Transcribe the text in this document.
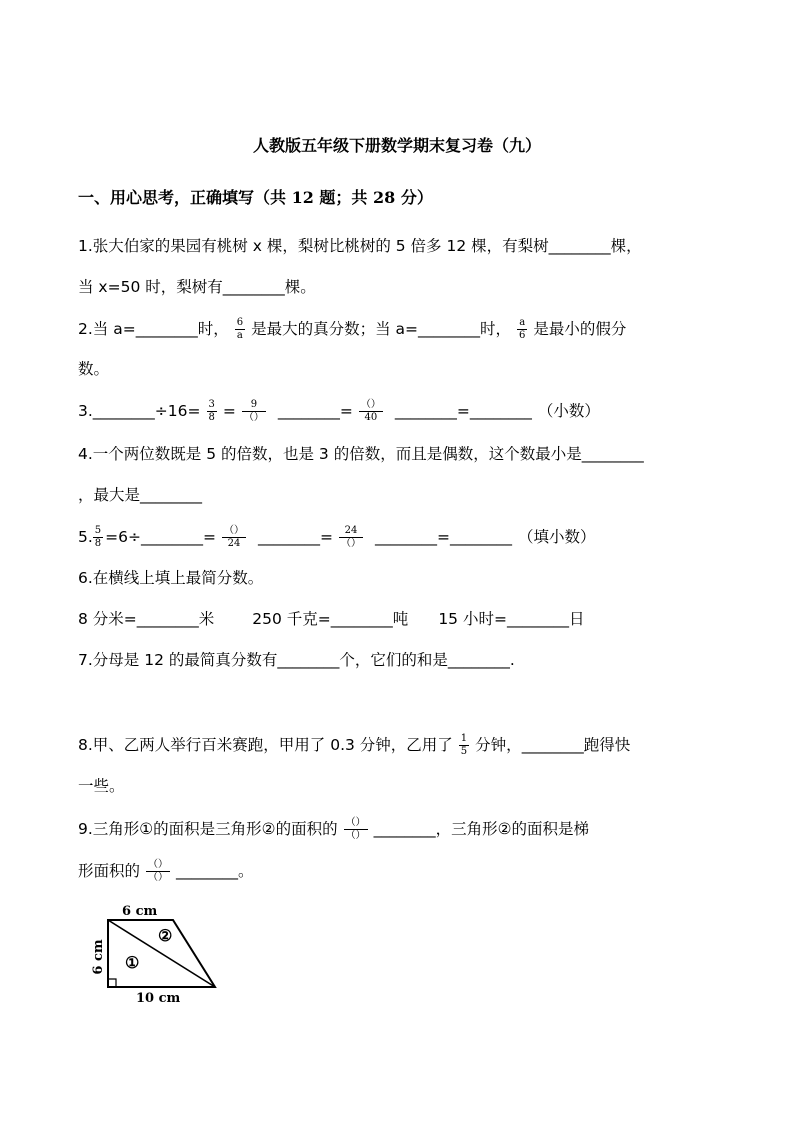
人教版五年级下册数学期末复习卷（九）
一、用心思考，正确填写（共 12 题；共 28 分）
1.张大伯家的果园有桃树 x 棵，梨树比桃树的 5 倍多 12 棵，有梨树________棵，
当 x=50 时，梨树有________棵。
2.当 a=________时， $\frac{6}{a}$ 是最大的真分数；当 a=________时， $\frac{a}{6}$ 是最小的假分
数。
3.________÷16= $\frac{3}{8} = \frac{9}{()}$ ________= $\frac{()}{40}$ ________=________ （小数）
4.一个两位数既是 5 的倍数，也是 3 的倍数，而且是偶数，这个数最小是________
，最大是________
5. $\frac{5}{8}$ =6÷________= $\frac{()}{24}$ ________= $\frac{24}{()}$ ________=________ （填小数）
6.在横线上填上最简分数。
8 分米=________米 250 千克=________吨 15 小时=________日
7.分母是 12 的最简真分数有________个，它们的和是________.
8.甲、乙两人举行百米赛跑，甲用了 0.3 分钟，乙用了 $\frac{1}{5}$ 分钟，________跑得快
一些。
9.三角形①的面积是三角形②的面积的 $\frac{()}{()}$ ________，三角形②的面积是梯
形面积的 $\frac{()}{()}$ ________。
6 cm
6 cm
10 cm
①
②
